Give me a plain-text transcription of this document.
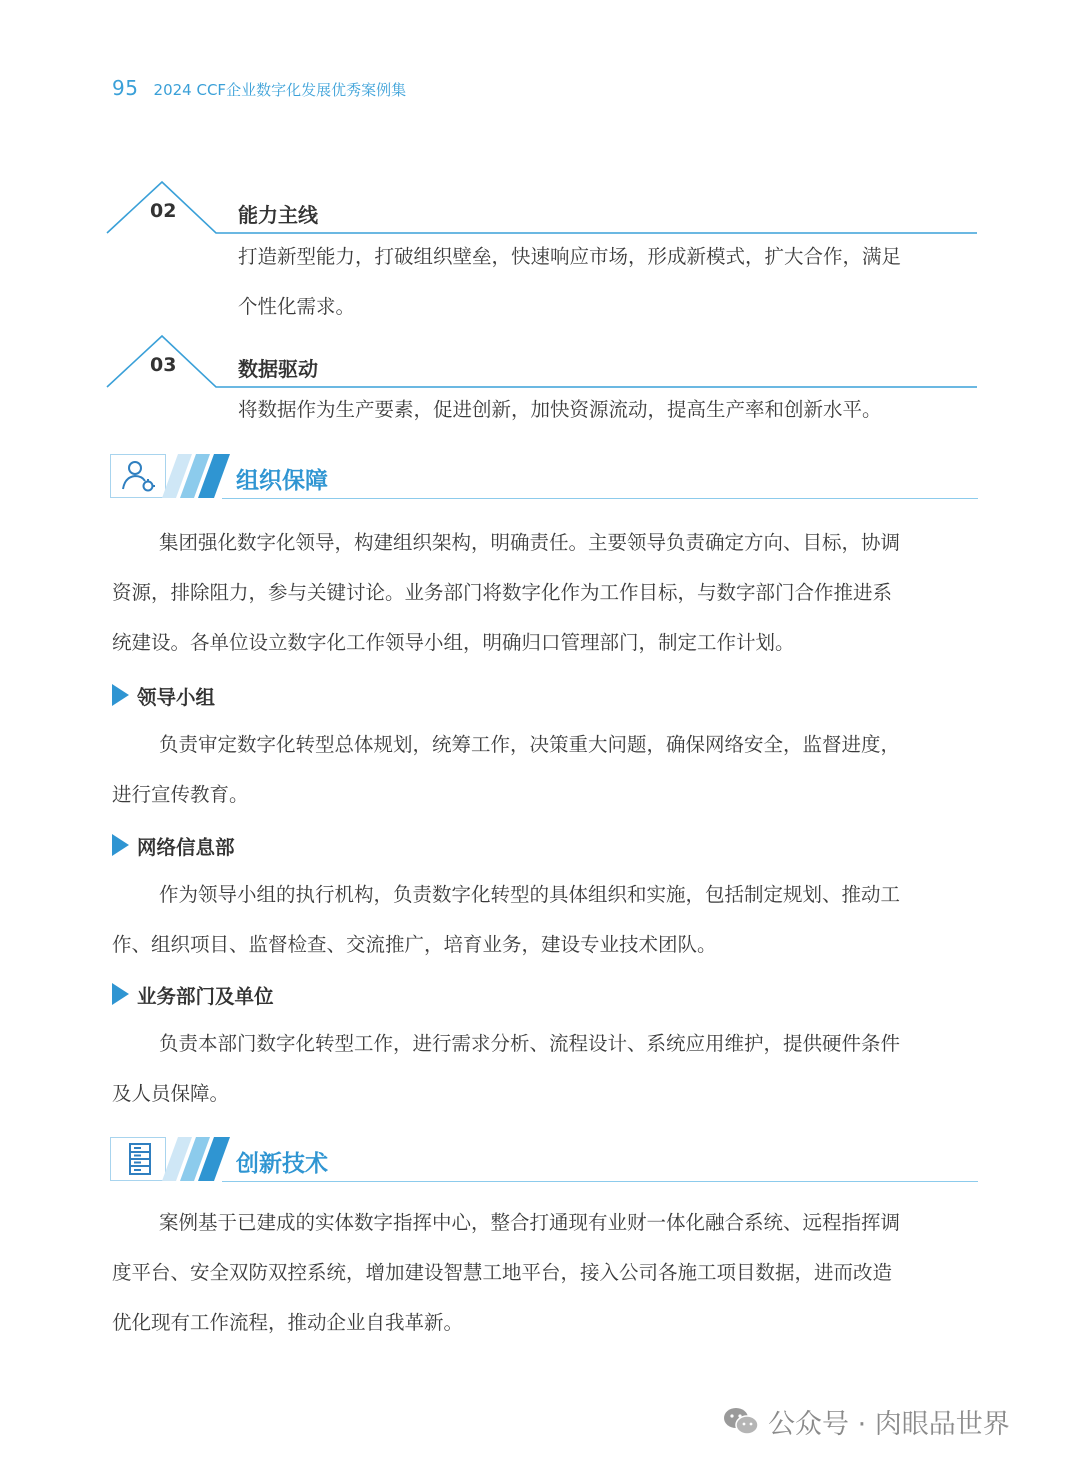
95 2024 CCF企业数字化发展优秀案例集
02	能力主线
打造新型能力，打破组织壁垒，快速响应市场，形成新模式，扩大合作，满足
个性化需求。
03	数据驱动
将数据作为生产要素，促进创新，加快资源流动，提高生产率和创新水平。
组织保障
集团强化数字化领导，构建组织架构，明确责任。主要领导负责确定方向、目标，协调
资源，排除阻力，参与关键讨论。业务部门将数字化作为工作目标，与数字部门合作推进系
统建设。各单位设立数字化工作领导小组，明确归口管理部门，制定工作计划。
领导小组
负责审定数字化转型总体规划，统筹工作，决策重大问题，确保网络安全，监督进度，
进行宣传教育。
网络信息部
作为领导小组的执行机构，负责数字化转型的具体组织和实施，包括制定规划、推动工
作、组织项目、监督检查、交流推广，培育业务，建设专业技术团队。
业务部门及单位
负责本部门数字化转型工作，进行需求分析、流程设计、系统应用维护，提供硬件条件
及人员保障。
创新技术
案例基于已建成的实体数字指挥中心，整合打通现有业财一体化融合系统、远程指挥调
度平台、安全双防双控系统，增加建设智慧工地平台，接入公司各施工项目数据，进而改造
优化现有工作流程，推动企业自我革新。
公众号 · 肉眼品世界
